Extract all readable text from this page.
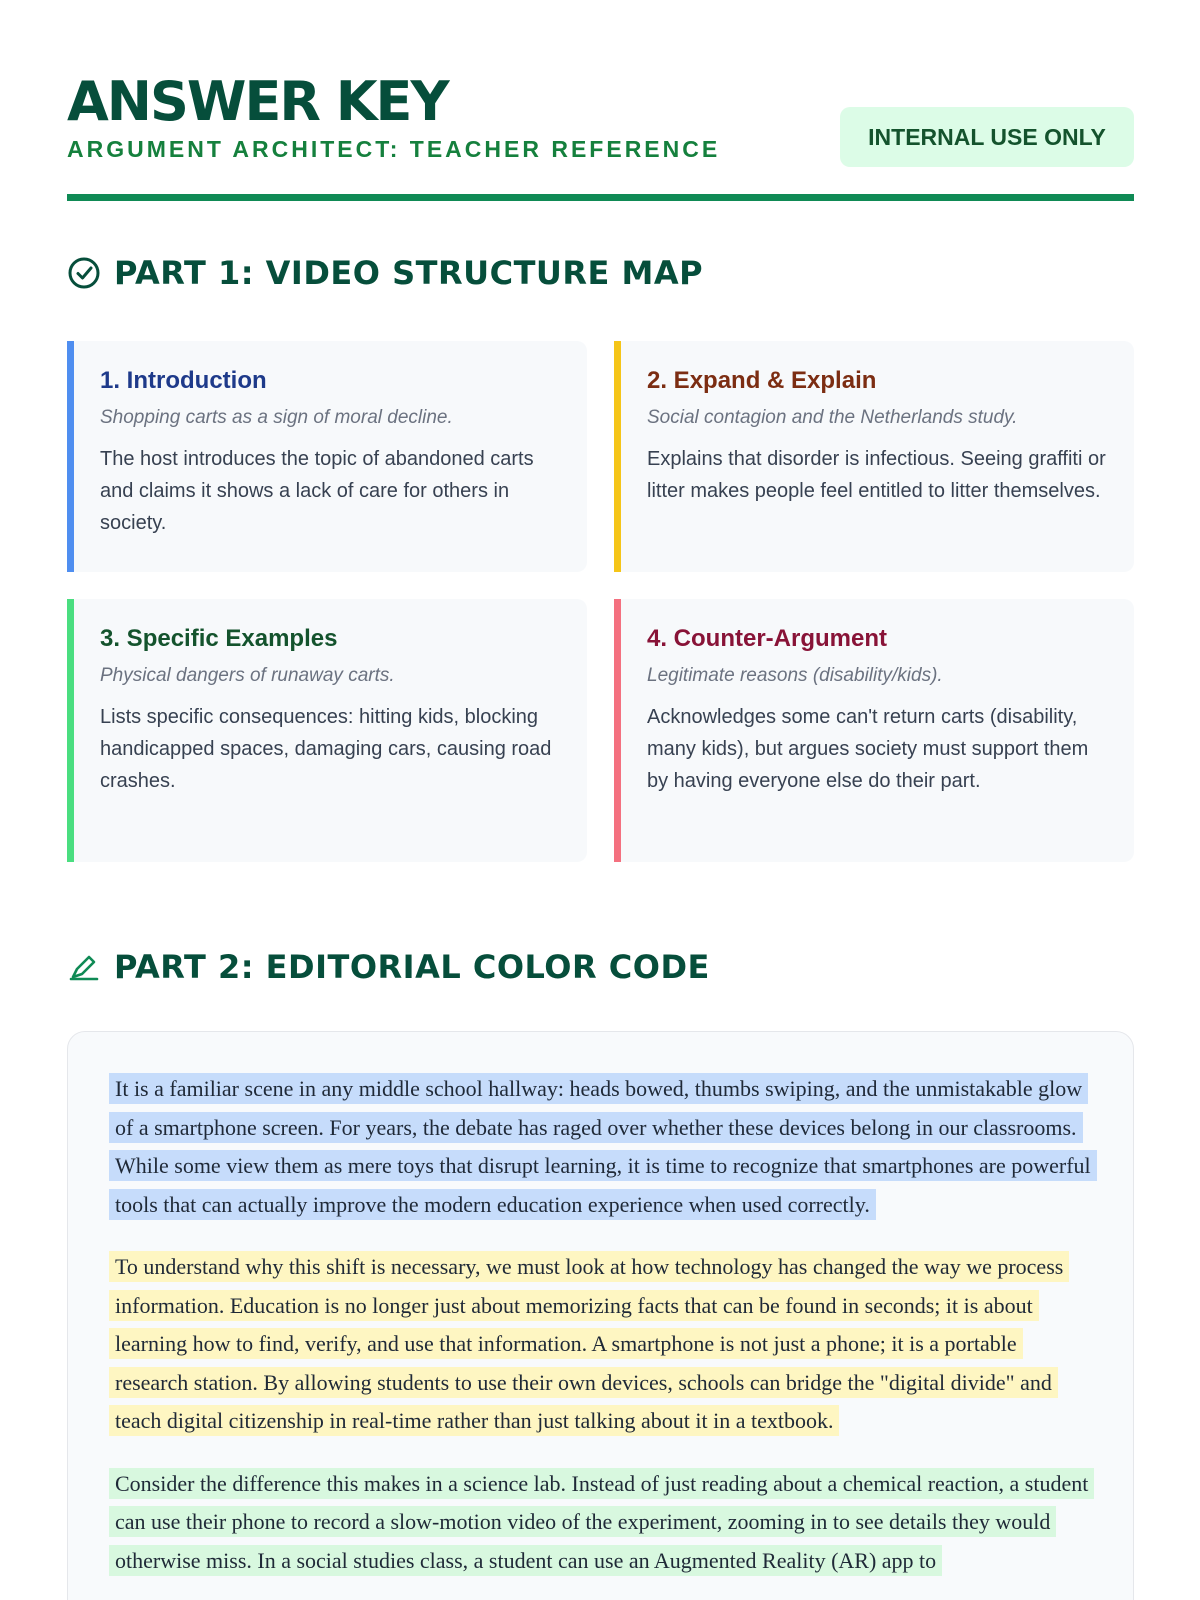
ANSWER KEY
ARGUMENT ARCHITECT: TEACHER REFERENCE	INTERNAL USE ONLY
PART 1: VIDEO STRUCTURE MAP
1. Introduction
Shopping carts as a sign of moral decline.
The host introduces the topic of abandoned carts and claims it shows a lack of care for others in society.
2. Expand & Explain
Social contagion and the Netherlands study.
Explains that disorder is infectious. Seeing graffiti or litter makes people feel entitled to litter themselves.
3. Specific Examples
Physical dangers of runaway carts.
Lists specific consequences: hitting kids, blocking handicapped spaces, damaging cars, causing road crashes.
4. Counter-Argument
Legitimate reasons (disability/kids).
Acknowledges some can't return carts (disability, many kids), but argues society must support them by having everyone else do their part.
PART 2: EDITORIAL COLOR CODE

It is a familiar scene in any middle school hallway: heads bowed, thumbs swiping, and the unmistakable glow of a smartphone screen. For years, the debate has raged over whether these devices belong in our classrooms. While some view them as mere toys that disrupt learning, it is time to recognize that smartphones are powerful tools that can actually improve the modern education experience when used correctly.

To understand why this shift is necessary, we must look at how technology has changed the way we process information. Education is no longer just about memorizing facts that can be found in seconds; it is about learning how to find, verify, and use that information. A smartphone is not just a phone; it is a portable research station. By allowing students to use their own devices, schools can bridge the "digital divide" and teach digital citizenship in real-time rather than just talking about it in a textbook.

Consider the difference this makes in a science lab. Instead of just reading about a chemical reaction, a student can use their phone to record a slow-motion video of the experiment, zooming in to see details they would otherwise miss. In a social studies class, a student can use an Augmented Reality (AR) app to
